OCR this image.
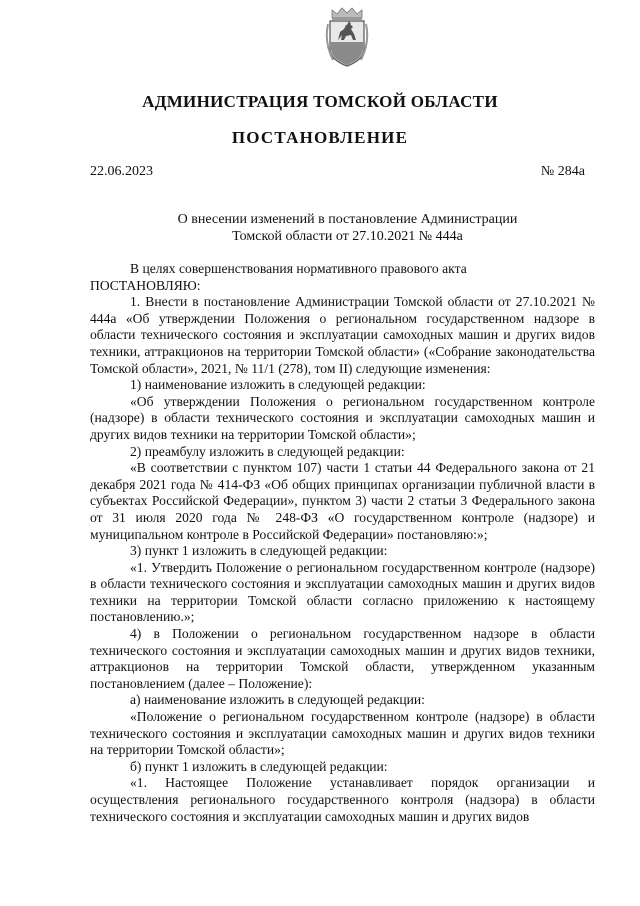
АДМИНИСТРАЦИЯ ТОМСКОЙ ОБЛАСТИ
ПОСТАНОВЛЕНИЕ
22.06.2023	№ 284а
О внесении изменений в постановление Администрации
Томской области от 27.10.2021 № 444а

В целях совершенствования нормативного правового акта

ПОСТАНОВЛЯЮ:

1. Внести в постановление Администрации Томской области от 27.10.2021 № 444а «Об утверждении Положения о региональном государственном надзоре в области технического состояния и эксплуатации самоходных машин и других видов техники, аттракционов на территории Томской области» («Собрание законодательства Томской области», 2021, № 11/1 (278), том II) следующие изменения:

1) наименование изложить в следующей редакции:

«Об утверждении Положения о региональном государственном контроле (надзоре) в области технического состояния и эксплуатации самоходных машин и других видов техники на территории Томской области»;

2) преамбулу изложить в следующей редакции:

«В соответствии с пунктом 107) части 1 статьи 44 Федерального закона от 21 декабря 2021 года № 414-ФЗ «Об общих принципах организации публичной власти в субъектах Российской Федерации», пунктом 3) части 2 статьи 3 Федерального закона от 31 июля 2020 года № 248-ФЗ «О государственном контроле (надзоре) и муниципальном контроле в Российской Федерации» постановляю:»;

3) пункт 1 изложить в следующей редакции:

«1. Утвердить Положение о региональном государственном контроле (надзоре) в области технического состояния и эксплуатации самоходных машин и других видов техники на территории Томской области согласно приложению к настоящему постановлению.»;

4) в Положении о региональном государственном надзоре в области технического состояния и эксплуатации самоходных машин и других видов техники, аттракционов на территории Томской области, утвержденном указанным постановлением (далее – Положение):

а) наименование изложить в следующей редакции:

«Положение о региональном государственном контроле (надзоре) в области технического состояния и эксплуатации самоходных машин и других видов техники на территории Томской области»;

б) пункт 1 изложить в следующей редакции:

«1. Настоящее Положение устанавливает порядок организации и осуществления регионального государственного контроля (надзора) в области технического состояния и эксплуатации самоходных машин и других видов
